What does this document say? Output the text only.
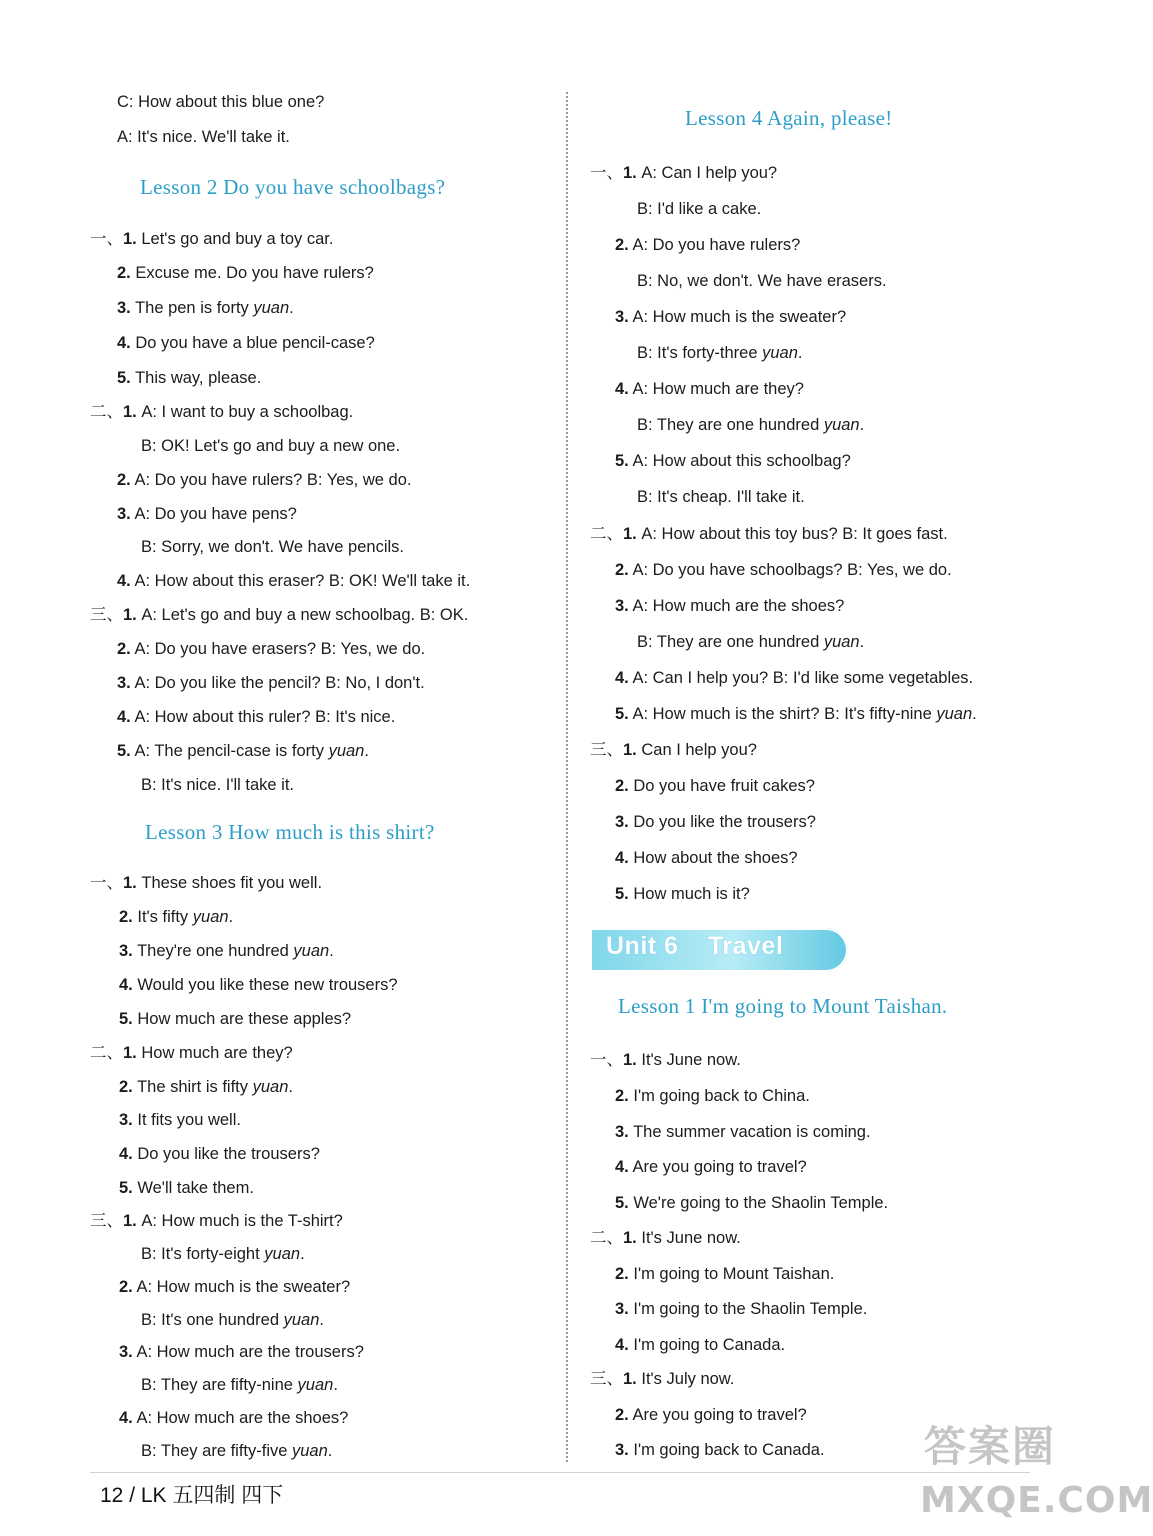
C: How about this blue one?
A: It's nice. We'll take it.
Lesson 2 Do you have schoolbags?
一、1. Let's go and buy a toy car.
2. Excuse me. Do you have rulers?
3. The pen is forty yuan.
4. Do you have a blue pencil-case?
5. This way, please.
二、1. A: I want to buy a schoolbag.
B: OK! Let's go and buy a new one.
2. A: Do you have rulers? B: Yes, we do.
3. A: Do you have pens?
B: Sorry, we don't. We have pencils.
4. A: How about this eraser? B: OK! We'll take it.
三、1. A: Let's go and buy a new schoolbag. B: OK.
2. A: Do you have erasers? B: Yes, we do.
3. A: Do you like the pencil? B: No, I don't.
4. A: How about this ruler? B: It's nice.
5. A: The pencil-case is forty yuan.
B: It's nice. I'll take it.
Lesson 3 How much is this shirt?
一、1. These shoes fit you well.
2. It's fifty yuan.
3. They're one hundred yuan.
4. Would you like these new trousers?
5. How much are these apples?
二、1. How much are they?
2. The shirt is fifty yuan.
3. It fits you well.
4. Do you like the trousers?
5. We'll take them.
三、1. A: How much is the T-shirt?
B: It's forty-eight yuan.
2. A: How much is the sweater?
B: It's one hundred yuan.
3. A: How much are the trousers?
B: They are fifty-nine yuan.
4. A: How much are the shoes?
B: They are fifty-five yuan.
Lesson 4 Again, please!
一、1. A: Can I help you?
B: I'd like a cake.
2. A: Do you have rulers?
B: No, we don't. We have erasers.
3. A: How much is the sweater?
B: It's forty-three yuan.
4. A: How much are they?
B: They are one hundred yuan.
5. A: How about this schoolbag?
B: It's cheap. I'll take it.
二、1. A: How about this toy bus? B: It goes fast.
2. A: Do you have schoolbags? B: Yes, we do.
3. A: How much are the shoes?
B: They are one hundred yuan.
4. A: Can I help you? B: I'd like some vegetables.
5. A: How much is the shirt? B: It's fifty-nine yuan.
三、1. Can I help you?
2. Do you have fruit cakes?
3. Do you like the trousers?
4. How about the shoes?
5. How much is it?
Lesson 1 I'm going to Mount Taishan.
一、1. It's June now.
2. I'm going back to China.
3. The summer vacation is coming.
4. Are you going to travel?
5. We're going to the Shaolin Temple.
二、1. It's June now.
2. I'm going to Mount Taishan.
3. I'm going to the Shaolin Temple.
4. I'm going to Canada.
三、1. It's July now.
2. Are you going to travel?
3. I'm going back to Canada.
Unit 6 Travel
12 / LK 五四制 四下
答案圈
MXQE.COM
